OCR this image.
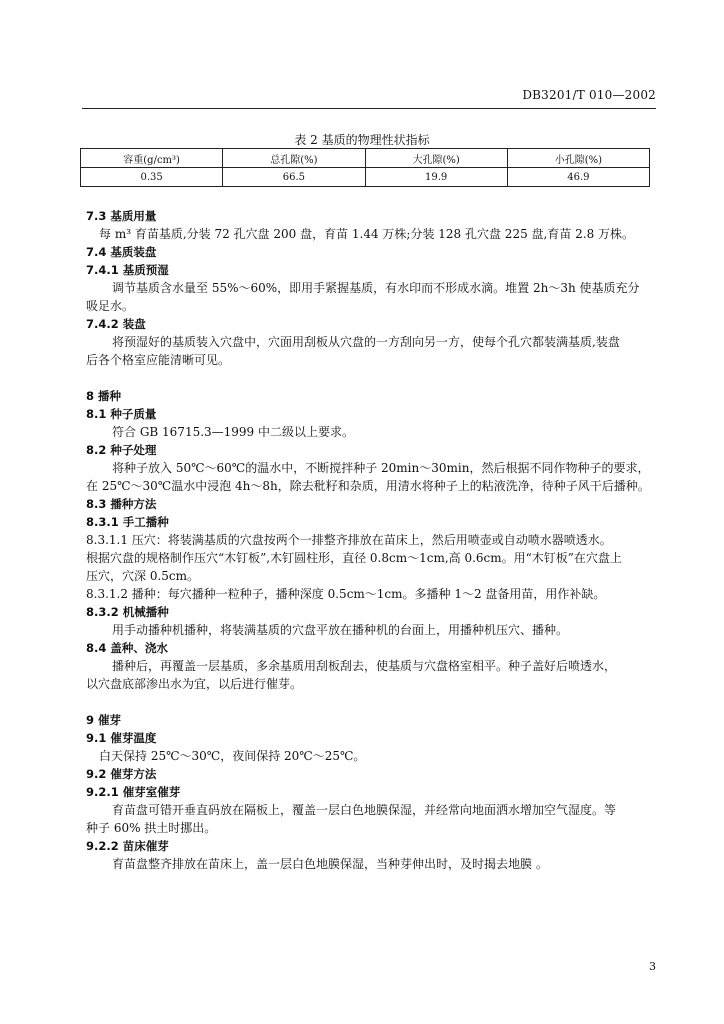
DB3201/T 010—2002
表 2 基质的物理性状指标
容重(g/cm³)	总孔隙(%)	大孔隙(%)	小孔隙(%)
0.35	66.5	19.9	46.9
7.3 基质用量
每 m³ 育苗基质,分装 72 孔穴盘 200 盘，育苗 1.44 万株;分装 128 孔穴盘 225 盘,育苗 2.8 万株。
7.4 基质装盘
7.4.1 基质预湿
调节基质含水量至 55%～60%，即用手紧握基质，有水印而不形成水滴。堆置 2h～3h 使基质充分
吸足水。
7.4.2 装盘
将预湿好的基质装入穴盘中，穴面用刮板从穴盘的一方刮向另一方，使每个孔穴都装满基质,装盘
后各个格室应能清晰可见。
8 播种
8.1 种子质量
符合 GB 16715.3—1999 中二级以上要求。
8.2 种子处理
将种子放入 50℃～60℃的温水中，不断搅拌种子 20min～30min，然后根据不同作物种子的要求，
在 25℃～30℃温水中浸泡 4h～8h，除去秕籽和杂质，用清水将种子上的粘液洗净，待种子风干后播种。
8.3 播种方法
8.3.1 手工播种
8.3.1.1 压穴：将装满基质的穴盘按两个一排整齐排放在苗床上，然后用喷壶或自动喷水器喷透水。
根据穴盘的规格制作压穴“木钉板”,木钉圆柱形，直径 0.8cm～1cm,高 0.6cm。用“木钉板”在穴盘上
压穴，穴深 0.5cm。
8.3.1.2 播种：每穴播种一粒种子，播种深度 0.5cm～1cm。多播种 1～2 盘备用苗，用作补缺。
8.3.2 机械播种
用手动播种机播种，将装满基质的穴盘平放在播种机的台面上，用播种机压穴、播种。
8.4 盖种、浇水
播种后，再覆盖一层基质，多余基质用刮板刮去，使基质与穴盘格室相平。种子盖好后喷透水，
以穴盘底部渗出水为宜，以后进行催芽。
9 催芽
9.1 催芽温度
白天保持 25℃～30℃，夜间保持 20℃～25℃。
9.2 催芽方法
9.2.1 催芽室催芽
育苗盘可错开垂直码放在隔板上，覆盖一层白色地膜保湿，并经常向地面洒水增加空气湿度。等
种子 60% 拱土时挪出。
9.2.2 苗床催芽
育苗盘整齐排放在苗床上，盖一层白色地膜保湿，当种芽伸出时，及时揭去地膜 。
3
